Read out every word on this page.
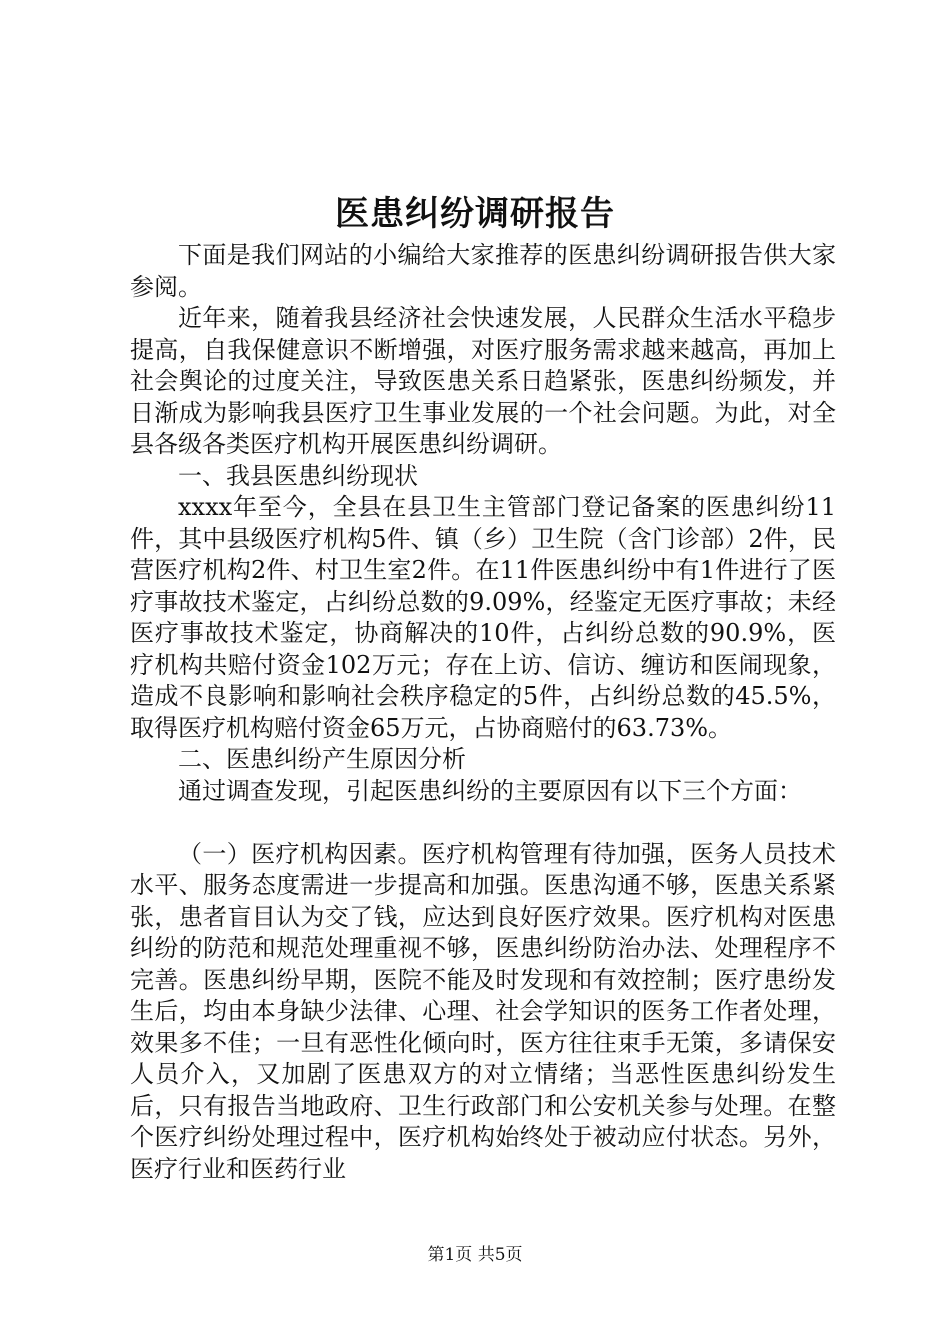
医患纠纷调研报告

下面是我们网站的小编给大家推荐的医患纠纷调研报告供大家参阅。

近年来，随着我县经济社会快速发展，人民群众生活水平稳步提高，自我保健意识不断增强，对医疗服务需求越来越高，再加上社会舆论的过度关注，导致医患关系日趋紧张，医患纠纷频发，并日渐成为影响我县医疗卫生事业发展的一个社会问题。为此，对全县各级各类医疗机构开展医患纠纷调研。

一、我县医患纠纷现状

xxxx年至今，全县在县卫生主管部门登记备案的医患纠纷11件，其中县级医疗机构5件、镇（乡）卫生院（含门诊部）2件，民营医疗机构2件、村卫生室2件。在11件医患纠纷中有1件进行了医疗事故技术鉴定，占纠纷总数的9.09%，经鉴定无医疗事故；未经医疗事故技术鉴定，协商解决的10件，占纠纷总数的90.9%，医疗机构共赔付资金102万元；存在上访、信访、缠访和医闹现象，造成不良影响和影响社会秩序稳定的5件，占纠纷总数的45.5%，取得医疗机构赔付资金65万元，占协商赔付的63.73%。

二、医患纠纷产生原因分析

通过调查发现，引起医患纠纷的主要原因有以下三个方面：

（一）医疗机构因素。医疗机构管理有待加强，医务人员技术水平、服务态度需进一步提高和加强。医患沟通不够，医患关系紧张，患者盲目认为交了钱，应达到良好医疗效果。医疗机构对医患纠纷的防范和规范处理重视不够，医患纠纷防治办法、处理程序不完善。医患纠纷早期，医院不能及时发现和有效控制；医疗患纷发生后，均由本身缺少法律、心理、社会学知识的医务工作者处理，效果多不佳；一旦有恶性化倾向时，医方往往束手无策，多请保安人员介入，又加剧了医患双方的对立情绪；当恶性医患纠纷发生后，只有报告当地政府、卫生行政部门和公安机关参与处理。在整个医疗纠纷处理过程中，医疗机构始终处于被动应付状态。另外，医疗行业和医药行业

第1页 共5页
